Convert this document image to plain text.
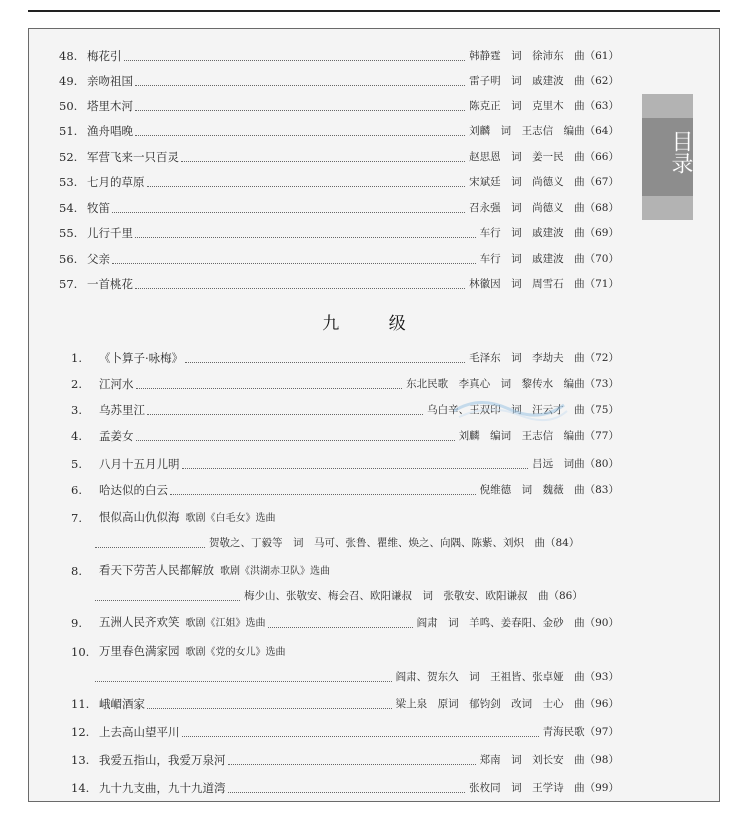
48. 梅花引	韩静霆　词　徐沛东　曲（61）
49. 亲吻祖国	雷子明　词　戚建波　曲（62）
50. 塔里木河	陈克正　词　克里木　曲（63）
51. 渔舟唱晚	刘麟　词　王志信　编曲（64）
52. 军营飞来一只百灵	赵思恩　词　姜一民　曲（66）
53. 七月的草原	宋斌廷　词　尚德义　曲（67）
54. 牧笛	召永强　词　尚德义　曲（68）
55. 儿行千里	车行　词　戚建波　曲（69）
56. 父亲	车行　词　戚建波　曲（70）
57. 一首桃花	林徽因　词　周雪石　曲（71）
九 级
1.	《卜算子·咏梅》	毛泽东　词　李劫夫　曲（72）
2.	江河水	东北民歌　李真心　词　黎传水　编曲（73）
3.	乌苏里江	乌白辛、王双印　词　汪云才　曲（75）
4.	孟姜女	刘麟　编词　王志信　编曲（77）
5.	八月十五月儿明	吕远　词曲（80）
6.	哈达似的白云	倪维德　词　魏薇　曲（83）
7.	恨似高山仇似海 歌剧《白毛女》选曲
贺敬之、丁毅等　词　马可、张鲁、瞿维、焕之、向隅、陈紫、刘炽　曲（84）
8.	看天下劳苦人民都解放 歌剧《洪湖赤卫队》选曲
梅少山、张敬安、梅会召、欧阳谦叔　词　张敬安、欧阳谦叔　曲（86）
9.	五洲人民齐欢笑 歌剧《江姐》选曲	阎肃　词　羊鸣、姜春阳、金砂　曲（90）
10. 万里春色满家园 歌剧《党的女儿》选曲
阎肃、贺东久　词　王祖皆、张卓娅　曲（93）
11. 峨嵋酒家	梁上泉　原词　郁钧剑　改词　士心　曲（96）
12. 上去高山望平川	青海民歌（97）
13. 我爱五指山，我爱万泉河	郑南　词　刘长安　曲（98）
14. 九十九支曲，九十九道湾	张枚同　词　王学诗　曲（99）
目录
